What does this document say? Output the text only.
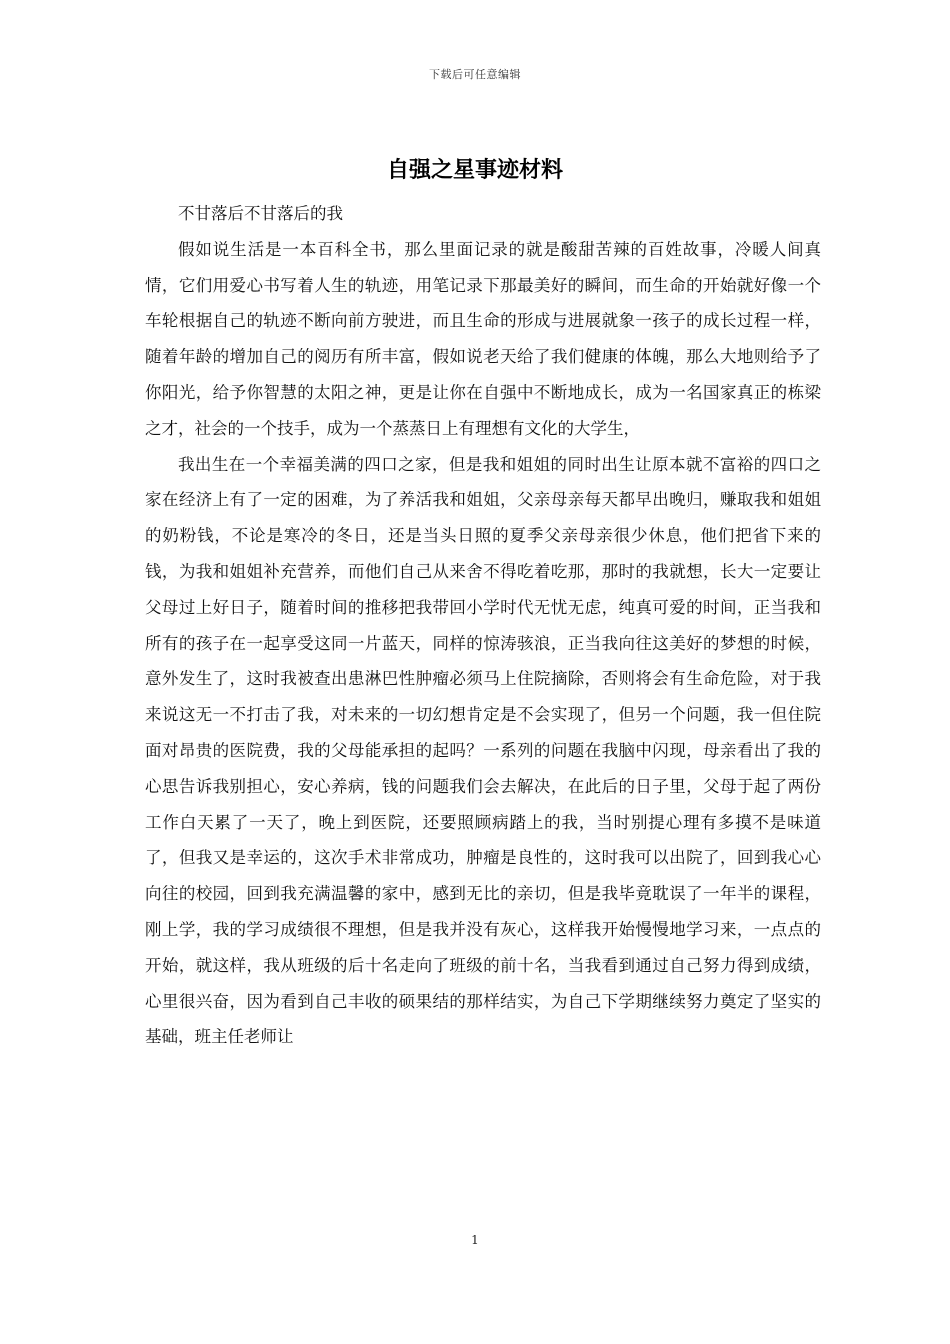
下载后可任意编辑
自强之星事迹材料

不甘落后不甘落后的我

假如说生活是一本百科全书，那么里面记录的就是酸甜苦辣的百姓故事，冷暖人间真情，它们用爱心书写着人生的轨迹，用笔记录下那最美好的瞬间，而生命的开始就好像一个车轮根据自己的轨迹不断向前方驶进，而且生命的形成与进展就象一孩子的成长过程一样，随着年龄的增加自己的阅历有所丰富，假如说老天给了我们健康的体魄，那么大地则给予了你阳光，给予你智慧的太阳之神，更是让你在自强中不断地成长，成为一名国家真正的栋梁之才，社会的一个技手，成为一个蒸蒸日上有理想有文化的大学生，

我出生在一个幸福美满的四口之家，但是我和姐姐的同时出生让原本就不富裕的四口之家在经济上有了一定的困难，为了养活我和姐姐，父亲母亲每天都早出晚归，赚取我和姐姐的奶粉钱，不论是寒冷的冬日，还是当头日照的夏季父亲母亲很少休息，他们把省下来的钱，为我和姐姐补充营养，而他们自己从来舍不得吃着吃那，那时的我就想，长大一定要让父母过上好日子，随着时间的推移把我带回小学时代无忧无虑，纯真可爱的时间，正当我和所有的孩子在一起享受这同一片蓝天，同样的惊涛骇浪，正当我向往这美好的梦想的时候，意外发生了，这时我被查出患淋巴性肿瘤必须马上住院摘除，否则将会有生命危险，对于我来说这无一不打击了我，对未来的一切幻想肯定是不会实现了，但另一个问题，我一但住院面对昂贵的医院费，我的父母能承担的起吗？一系列的问题在我脑中闪现，母亲看出了我的心思告诉我别担心，安心养病，钱的问题我们会去解决，在此后的日子里，父母于起了两份工作白天累了一天了，晚上到医院，还要照顾病踏上的我，当时别提心理有多摸不是味道了，但我又是幸运的，这次手术非常成功，肿瘤是良性的，这时我可以出院了，回到我心心向往的校园，回到我充满温馨的家中，感到无比的亲切，但是我毕竟耽误了一年半的课程，刚上学，我的学习成绩很不理想，但是我并没有灰心，这样我开始慢慢地学习来，一点点的开始，就这样，我从班级的后十名走向了班级的前十名，当我看到通过自己努力得到成绩，心里很兴奋，因为看到自己丰收的硕果结的那样结实，为自己下学期继续努力奠定了坚实的基础，班主任老师让

1
